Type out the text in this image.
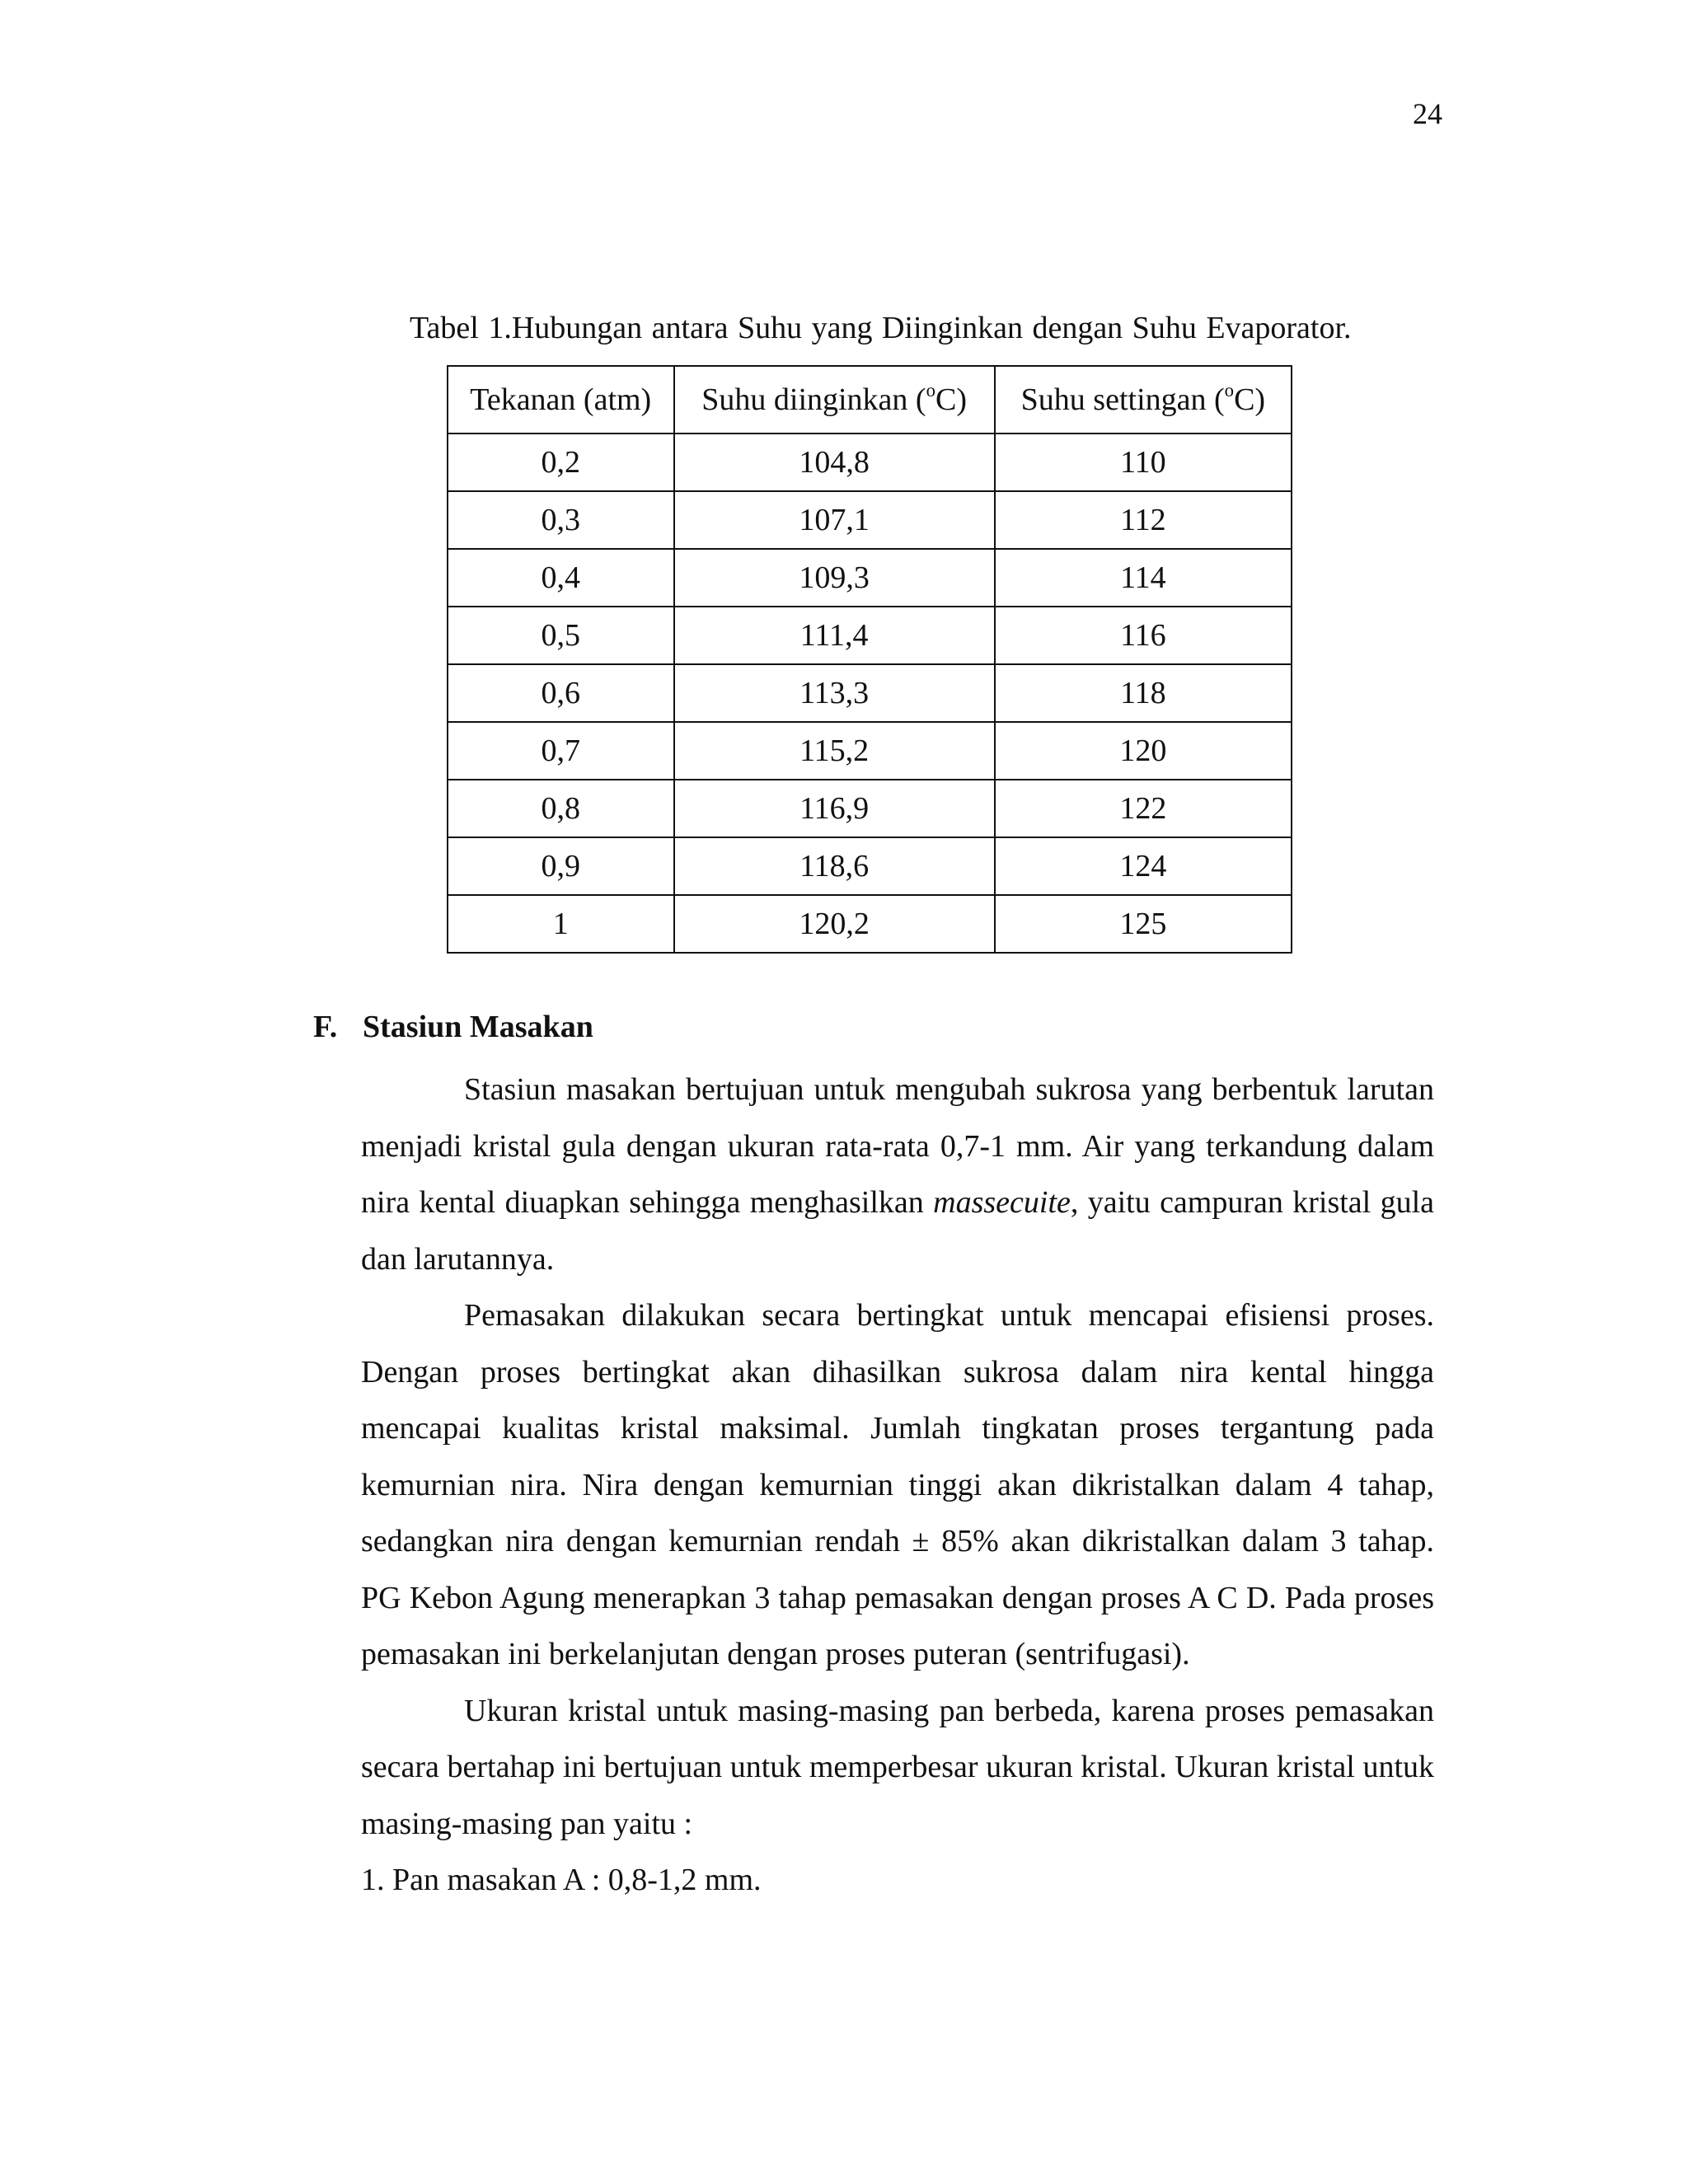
24
Tabel 1.Hubungan antara Suhu yang Diinginkan dengan Suhu Evaporator.
Tekanan (atm)	Suhu diinginkan ($^o$C)	Suhu settingan ($^o$C)
0,2	104,8	110
0,3	107,1	112
0,4	109,3	114
0,5	111,4	116
0,6	113,3	118
0,7	115,2	120
0,8	116,9	122
0,9	118,6	124
1	120,2	125
F. Stasiun Masakan

Stasiun masakan bertujuan untuk mengubah sukrosa yang berbentuk larutan menjadi kristal gula dengan ukuran rata-rata 0,7-1 mm. Air yang terkandung dalam nira kental diuapkan sehingga menghasilkan massecuite, yaitu campuran kristal gula dan larutannya.

Pemasakan dilakukan secara bertingkat untuk mencapai efisiensi proses. Dengan proses bertingkat akan dihasilkan sukrosa dalam nira kental hingga mencapai kualitas kristal maksimal. Jumlah tingkatan proses tergantung pada kemurnian nira. Nira dengan kemurnian tinggi akan dikristalkan dalam 4 tahap, sedangkan nira dengan kemurnian rendah ± 85% akan dikristalkan dalam 3 tahap. PG Kebon Agung menerapkan 3 tahap pemasakan dengan proses A C D. Pada proses pemasakan ini berkelanjutan dengan proses puteran (sentrifugasi).

Ukuran kristal untuk masing-masing pan berbeda, karena proses pemasakan secara bertahap ini bertujuan untuk memperbesar ukuran kristal. Ukuran kristal untuk masing-masing pan yaitu :

1. Pan masakan A : 0,8-1,2 mm.
